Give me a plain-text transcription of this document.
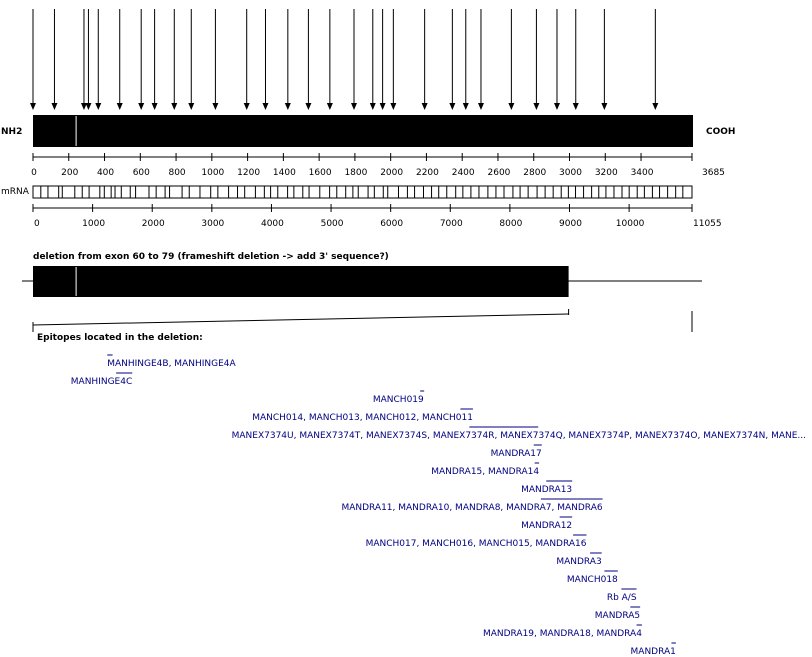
NH2	COOH
0	200 400 600 800 1000 1200 1400 1600 1800 2000 2200 2400 2600 2800 3000 3200 3400	3685
mRNA
0	1000	2000	3000	4000	5000	6000	7000	8000	9000	10000	11055
deletion from exon 60 to 79 (frameshift deletion -> add 3' sequence?)
Epitopes located in the deletion:
MANHINGE4B, MANHINGE4A
MANHINGE4C
MANCH019
MANCH014, MANCH013, MANCH012, MANCH011
MANEX7374U, MANEX7374T, MANEX7374S, MANEX7374R, MANEX7374Q, MANEX7374P, MANEX7374O, MANEX7374N, MANE...
MANDRA17
MANDRA15, MANDRA14
MANDRA13
MANDRA11, MANDRA10, MANDRA8, MANDRA7, MANDRA6
MANDRA12
MANCH017, MANCH016, MANCH015, MANDRA16
MANDRA3
MANCH018
Rb A/S
MANDRA5
MANDRA19, MANDRA18, MANDRA4
MANDRA1
